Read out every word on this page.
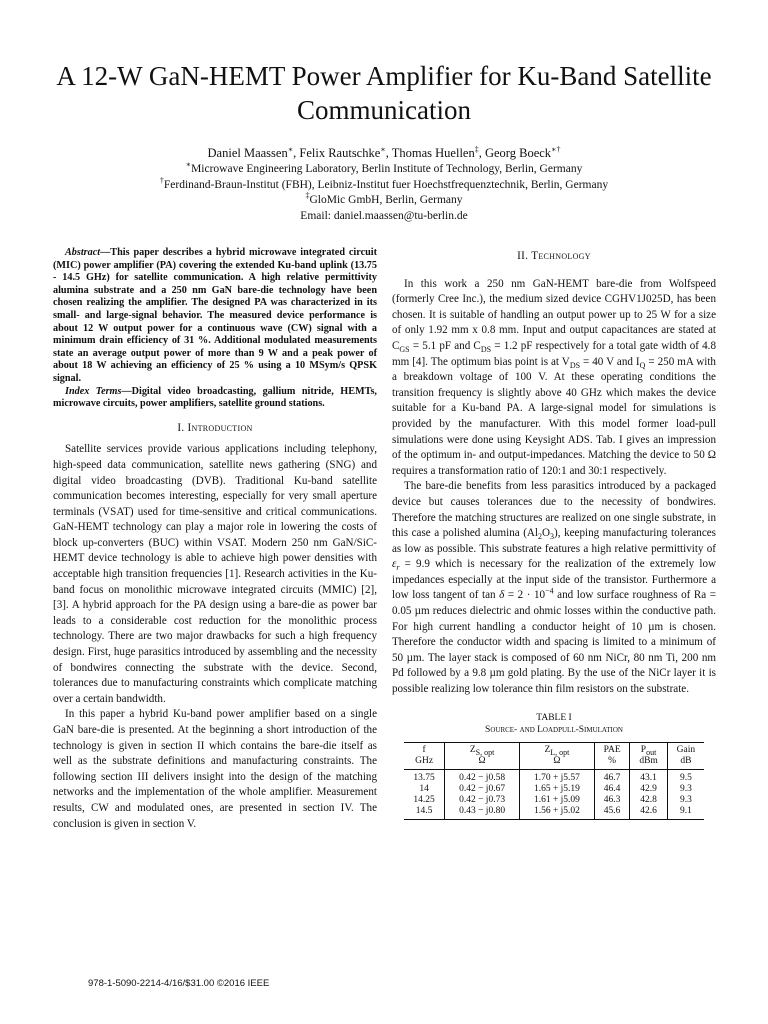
A 12-W GaN-HEMT Power Amplifier for Ku-Band Satellite Communication
Daniel Maassen∗, Felix Rautschke∗, Thomas Huellen‡, Georg Boeck∗†
∗Microwave Engineering Laboratory, Berlin Institute of Technology, Berlin, Germany
†Ferdinand-Braun-Institut (FBH), Leibniz-Institut fuer Hoechstfrequenztechnik, Berlin, Germany
‡GloMic GmbH, Berlin, Germany
Email: daniel.maassen@tu-berlin.de

Abstract—This paper describes a hybrid microwave integrated circuit (MIC) power amplifier (PA) covering the extended Ku-band uplink (13.75 - 14.5 GHz) for satellite communication. A high relative permittivity alumina substrate and a 250 nm GaN bare-die technology have been chosen realizing the amplifier. The designed PA was characterized in its small- and large-signal behavior. The measured device performance is about 12 W output power for a continuous wave (CW) signal with a minimum drain efficiency of 31 %. Additional modulated measurements state an average output power of more than 9 W and a peak power of about 18 W achieving an efficiency of 25 % using a 10 MSym/s QPSK signal.

Index Terms—Digital video broadcasting, gallium nitride, HEMTs, microwave circuits, power amplifiers, satellite ground stations.

I. Introduction

Satellite services provide various applications including telephony, high-speed data communication, satellite news gathering (SNG) and digital video broadcasting (DVB). Traditional Ku-band satellite communication becomes interesting, especially for very small aperture terminals (VSAT) used for time-sensitive and critical communications. GaN-HEMT technology can play a major role in lowering the costs of block up-converters (BUC) within VSAT. Modern 250 nm GaN/SiC-HEMT device technology is able to achieve high power densities with acceptable high transition frequencies [1]. Research activities in the Ku-band focus on monolithic microwave integrated circuits (MMIC) [2], [3]. A hybrid approach for the PA design using a bare-die as power bar leads to a considerable cost reduction for the monolithic process technology. There are two major drawbacks for such a high frequency design. First, huge parasitics introduced by assembling and the necessity of bondwires connecting the substrate with the device. Second, tolerances due to manufacturing constraints which complicate matching over a certain bandwidth.

In this paper a hybrid Ku-band power amplifier based on a single GaN bare-die is presented. At the beginning a short introduction of the technology is given in section II which contains the bare-die itself as well as the substrate definitions and manufacturing constraints. The following section III delivers insight into the design of the matching networks and the implementation of the whole amplifier. Measurement results, CW and modulated ones, are presented in section IV. The conclusion is given in section V.

II. Technology

In this work a 250 nm GaN-HEMT bare-die from Wolfspeed (formerly Cree Inc.), the medium sized device CGHV1J025D, has been chosen. It is suitable of handling an output power up to 25 W for a size of only 1.92 mm x 0.8 mm. Input and output capacitances are stated at $C_{GS} = 5.1$ pF and $C_{DS} = 1.2$ pF respectively for a total gate width of 4.8 mm [4]. The optimum bias point is at $V_{DS} = 40$ V and $I_Q = 250$ mA with a breakdown voltage of 100 V. At these operating conditions the transition frequency is slightly above 40 GHz which makes the device suitable for a Ku-band PA. A large-signal model for simulations is provided by the manufacturer. With this model former load-pull simulations were done using Keysight ADS. Tab. I gives an impression of the optimum in- and output-impedances. Matching the device to 50 Ω requires a transformation ratio of 120:1 and 30:1 respectively.

The bare-die benefits from less parasitics introduced by a packaged device but causes tolerances due to the necessity of bondwires. Therefore the matching structures are realized on one single substrate, in this case a polished alumina $(Al_2O_3)$, keeping manufacturing tolerances as low as possible. This substrate features a high relative permittivity of $\varepsilon_r = 9.9$ which is necessary for the realization of the extremely low impedances especially at the input side of the transistor. Furthermore a low loss tangent of $\tan \delta = 2 \cdot 10^{-4}$ and low surface roughness of Ra = 0.05 µm reduces dielectric and ohmic losses within the conductive path. For high current handling a conductor height of 10 µm is chosen. Therefore the conductor width and spacing is limited to a minimum of 50 µm. The layer stack is composed of 60 nm NiCr, 80 nm Ti, 200 nm Pd followed by a 9.8 µm gold plating. By the use of the NiCr layer it is possible realizing low tolerance thin film resistors on the substrate.

TABLE I
Source- and Loadpull-Simulation
f	$Z_{S, opt}$	$Z_{L, opt}$	PAE	$P_{out}$	Gain
GHz	Ω	Ω	%	dBm	dB
13.75	0.42 − j0.58	1.70 + j5.57	46.7	43.1	9.5
14	0.42 − j0.67	1.65 + j5.19	46.4	42.9	9.3
14.25	0.42 − j0.73	1.61 + j5.09	46.3	42.8	9.3
14.5	0.43 − j0.80	1.56 + j5.02	45.6	42.6	9.1
978-1-5090-2214-4/16/$31.00 ©2016 IEEE
